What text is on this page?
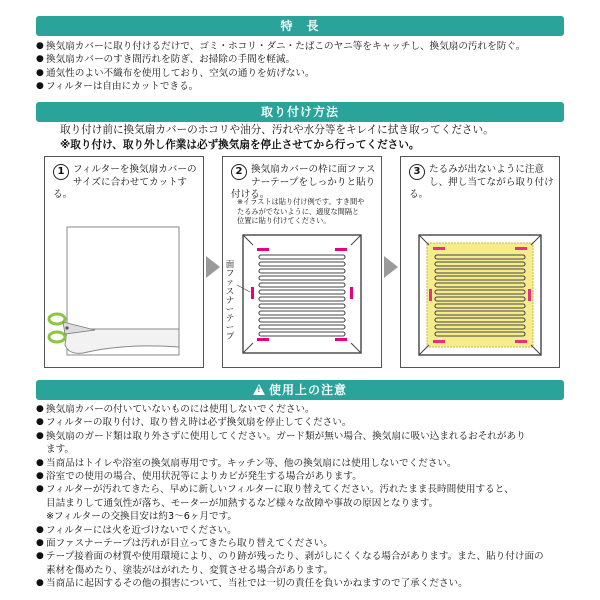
特　長
● 換気扇カバーに取り付けるだけで、ゴミ・ホコリ・ダニ・たばこのヤニ等をキャッチし、換気扇の汚れを防ぐ。
● 換気扇カバーのすき間汚れを防ぎ、お掃除の手間を軽減。
● 通気性のよい不織布を使用しており、空気の通りを妨げない。
● フィルターは自由にカットできる。
取り付け方法
取り付け前に換気扇カバーのホコリや油分、汚れや水分等をキレイに拭き取ってください。
※取り付け、取り外し作業は必ず換気扇を停止させてから行ってください。
1 フィルターを換気扇カバーのサイズに合わせてカットする。
2 換気扇カバーの枠に面ファスナーテープをしっかりと貼り付ける。
※イラストは貼り付け例です。すき間や
たるみがでないように、適度な間隔と
位置に貼り付けてください。
面ファスナーテープ
3 たるみが出ないように注意し、押し当てながら取り付ける。
!使用上の注意
● 換気扇カバーの付いていないものには使用しないでください。
● フィルターの取り付け、取り替え時は必ず換気扇を停止してください。
● 換気扇のガード類は取り外さずに使用してください。ガード類が無い場合、換気扇に吸い込まれるおそれがあり
ます。
● 当商品はトイレや浴室の換気扇専用です。キッチン等、他の換気扇には使用しないでください。
● 浴室での使用の場合、使用状況等によりカビが発生する場合があります。
● フィルターが汚れてきたら、早めに新しいフィルターに取り替えてください。汚れたまま長時間使用すると、
目詰まりして通気性が落ち、モーターが加熱するなど様々な故障や事故の原因となります。
※フィルターの交換目安は約3～6ヶ月です。
● フィルターには火を近づけないでください。
● 面ファスナーテープは汚れが目立ってきたら取り替えてください。
● テープ接着面の材質や使用環境により、のり跡が残ったり、剥がしにくくなる場合があります。また、貼り付け面の
素材を傷めたり、塗装がはがれたり、変質させる場合があります。
● 当商品に起因するその他の損害について、当社では一切の責任を負いかねますので了承ください。
